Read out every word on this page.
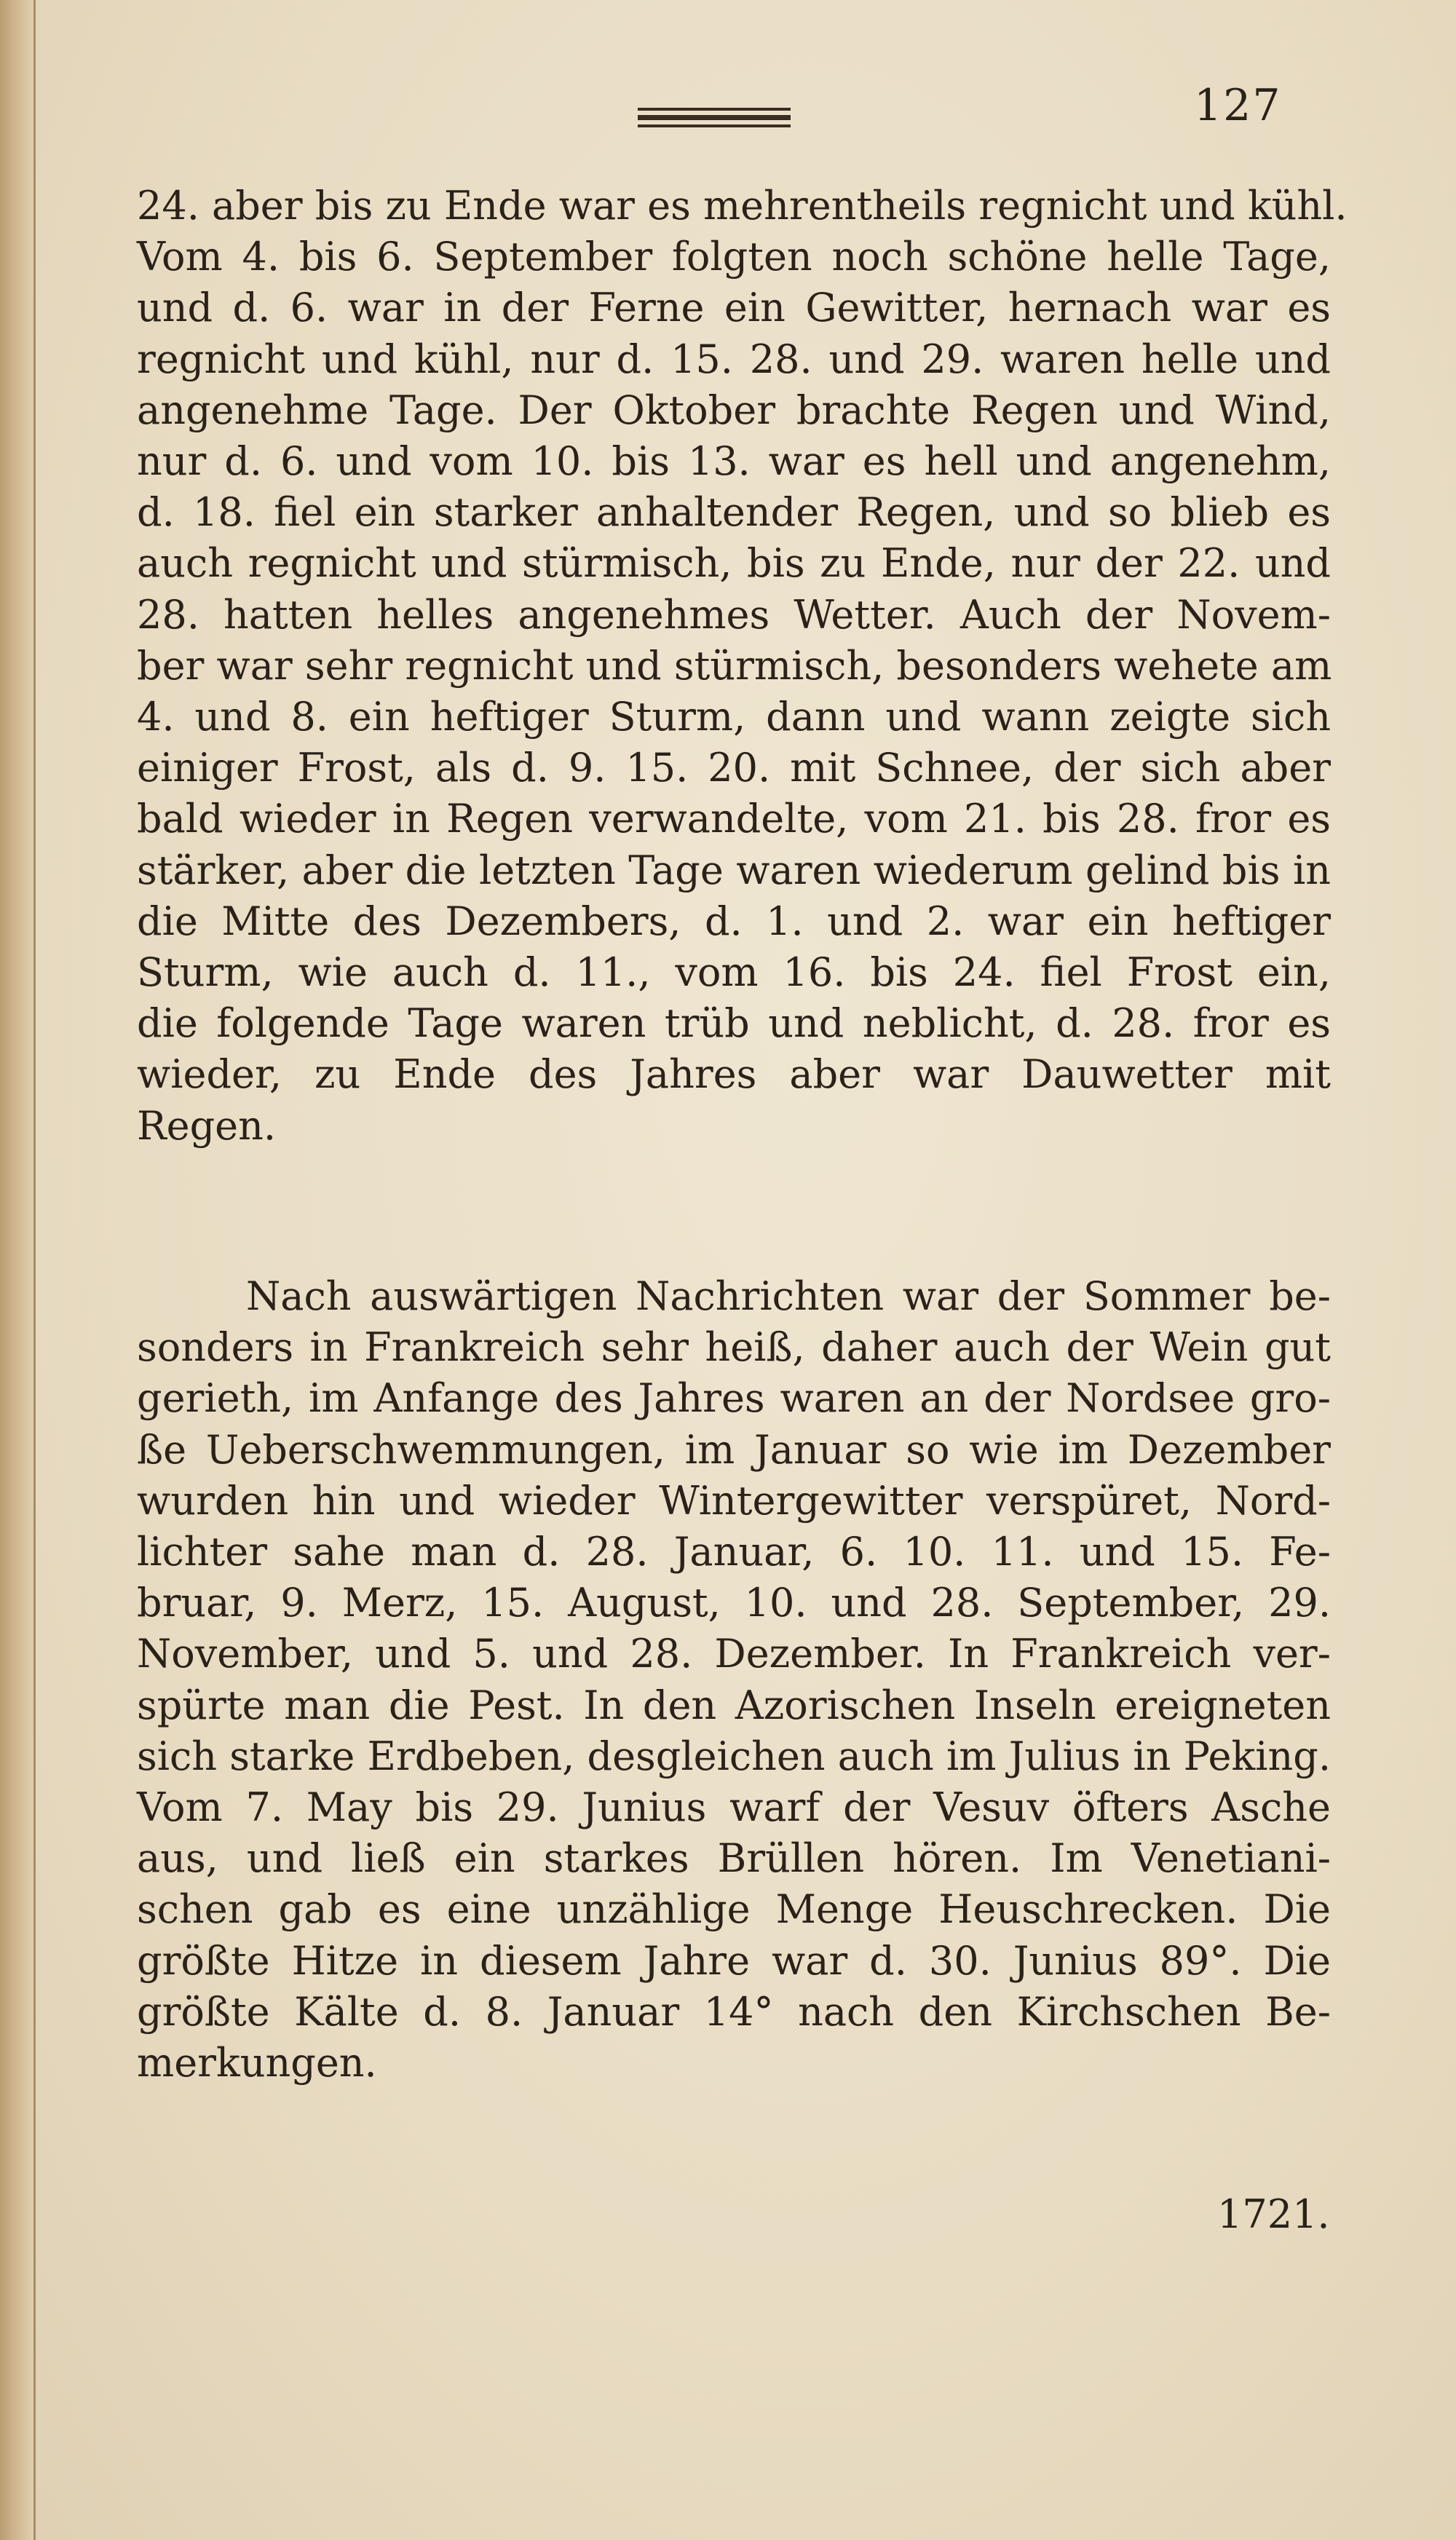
127
24. aber bis zu Ende war es mehrentheils regnicht und kühl.
Vom 4. bis 6. September folgten noch schöne helle Tage,
und d. 6. war in der Ferne ein Gewitter, hernach war es
regnicht und kühl, nur d. 15. 28. und 29. waren helle und
angenehme Tage. Der Oktober brachte Regen und Wind,
nur d. 6. und vom 10. bis 13. war es hell und angenehm,
d. 18. fiel ein starker anhaltender Regen, und so blieb es
auch regnicht und stürmisch, bis zu Ende, nur der 22. und
28. hatten helles angenehmes Wetter. Auch der Novem-
ber war sehr regnicht und stürmisch, besonders wehete am
4. und 8. ein heftiger Sturm, dann und wann zeigte sich
einiger Frost, als d. 9. 15. 20. mit Schnee, der sich aber
bald wieder in Regen verwandelte, vom 21. bis 28. fror es
stärker, aber die letzten Tage waren wiederum gelind bis in
die Mitte des Dezembers, d. 1. und 2. war ein heftiger
Sturm, wie auch d. 11., vom 16. bis 24. fiel Frost ein,
die folgende Tage waren trüb und neblicht, d. 28. fror es
wieder, zu Ende des Jahres aber war Dauwetter mit
Regen.
Nach auswärtigen Nachrichten war der Sommer be-
sonders in Frankreich sehr heiß, daher auch der Wein gut
gerieth, im Anfange des Jahres waren an der Nordsee gro-
ße Ueberschwemmungen, im Januar so wie im Dezember
wurden hin und wieder Wintergewitter verspüret, Nord-
lichter sahe man d. 28. Januar, 6. 10. 11. und 15. Fe-
bruar, 9. Merz, 15. August, 10. und 28. September, 29.
November, und 5. und 28. Dezember. In Frankreich ver-
spürte man die Pest. In den Azorischen Inseln ereigneten
sich starke Erdbeben, desgleichen auch im Julius in Peking.
Vom 7. May bis 29. Junius warf der Vesuv öfters Asche
aus, und ließ ein starkes Brüllen hören. Im Venetiani-
schen gab es eine unzählige Menge Heuschrecken. Die
größte Hitze in diesem Jahre war d. 30. Junius 89°. Die
größte Kälte d. 8. Januar 14° nach den Kirchschen Be-
merkungen.
1721.
